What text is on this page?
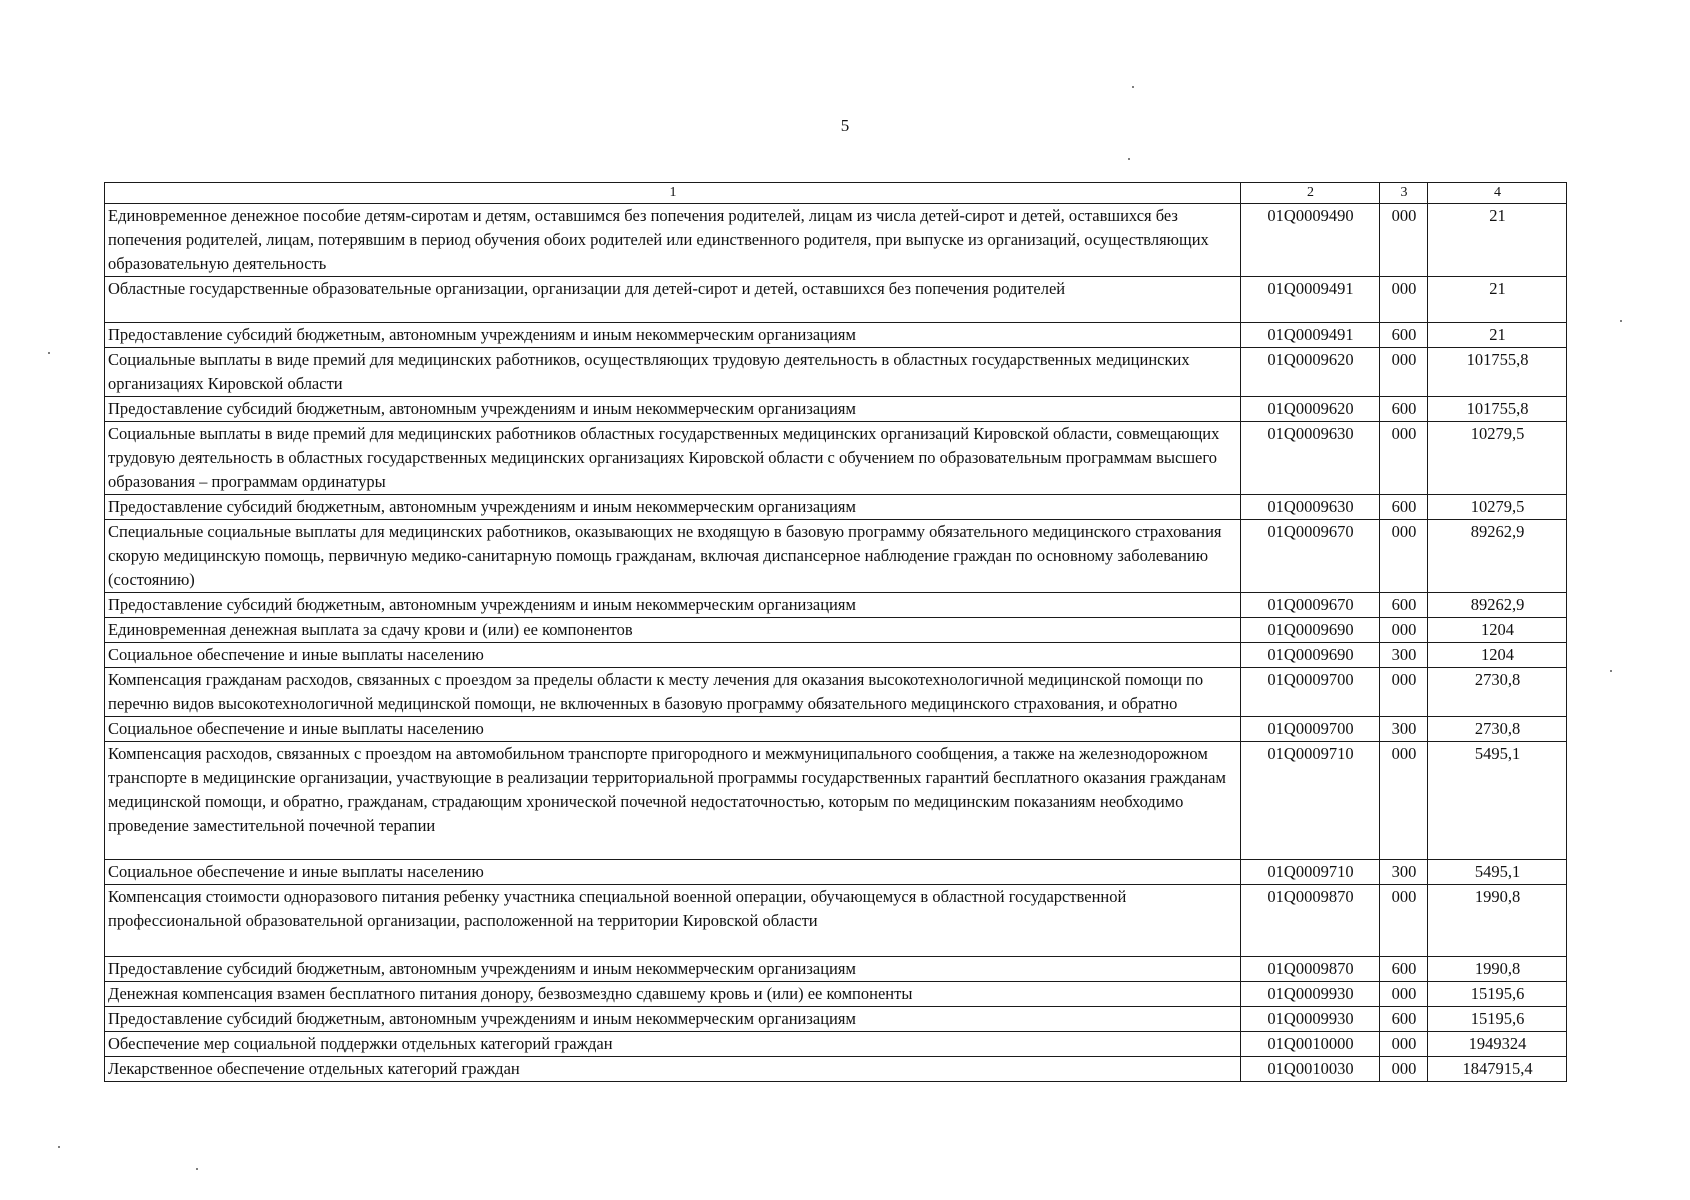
5
1	2	3	4
Единовременное денежное пособие детям-сиротам и детям, оставшимся без попечения родителей, лицам из числа детей-сирот и детей, оставшихся без попечения родителей, лицам, потерявшим в период обучения обоих родителей или единственного родителя, при выпуске из организаций, осуществляющих образовательную деятельность	01Q0009490	000	21
Областные государственные образовательные организации, организации для детей-сирот и детей, оставшихся без попечения родителей	01Q0009491	000	21
Предоставление субсидий бюджетным, автономным учреждениям и иным некоммерческим организациям	01Q0009491	600	21
Социальные выплаты в виде премий для медицинских работников, осуществляющих трудовую деятельность в областных государственных медицинских организациях Кировской области	01Q0009620	000	101755,8
Предоставление субсидий бюджетным, автономным учреждениям и иным некоммерческим организациям	01Q0009620	600	101755,8
Социальные выплаты в виде премий для медицинских работников областных государственных медицинских организаций Кировской области, совмещающих трудовую деятельность в областных государственных медицинских организациях Кировской области с обучением по образовательным программам высшего образования – программам ординатуры	01Q0009630	000	10279,5
Предоставление субсидий бюджетным, автономным учреждениям и иным некоммерческим организациям	01Q0009630	600	10279,5
Специальные социальные выплаты для медицинских работников, оказывающих не входящую в базовую программу обязательного медицинского страхования скорую медицинскую помощь, первичную медико-санитарную помощь гражданам, включая диспансерное наблюдение граждан по основному заболеванию (состоянию)	01Q0009670	000	89262,9
Предоставление субсидий бюджетным, автономным учреждениям и иным некоммерческим организациям	01Q0009670	600	89262,9
Единовременная денежная выплата за сдачу крови и (или) ее компонентов	01Q0009690	000	1204
Социальное обеспечение и иные выплаты населению	01Q0009690	300	1204
Компенсация гражданам расходов, связанных с проездом за пределы области к месту лечения для оказания высокотехнологичной медицинской помощи по перечню видов высокотехнологичной медицинской помощи, не включенных в базовую программу обязательного медицинского страхования, и обратно	01Q0009700	000	2730,8
Социальное обеспечение и иные выплаты населению	01Q0009700	300	2730,8
Компенсация расходов, связанных с проездом на автомобильном транспорте пригородного и межмуниципального сообщения, а также на железнодорожном транспорте в медицинские организации, участвующие в реализации территориальной программы государственных гарантий бесплатного оказания гражданам медицинской помощи, и обратно, гражданам, страдающим хронической почечной недостаточностью, которым по медицинским показаниям необходимо проведение заместительной почечной терапии	01Q0009710	000	5495,1
Социальное обеспечение и иные выплаты населению	01Q0009710	300	5495,1
Компенсация стоимости одноразового питания ребенку участника специальной военной операции, обучающемуся в областной государственной профессиональной образовательной организации, расположенной на территории Кировской области	01Q0009870	000	1990,8
Предоставление субсидий бюджетным, автономным учреждениям и иным некоммерческим организациям	01Q0009870	600	1990,8
Денежная компенсация взамен бесплатного питания донору, безвозмездно сдавшему кровь и (или) ее компоненты	01Q0009930	000	15195,6
Предоставление субсидий бюджетным, автономным учреждениям и иным некоммерческим организациям	01Q0009930	600	15195,6
Обеспечение мер социальной поддержки отдельных категорий граждан	01Q0010000	000	1949324
Лекарственное обеспечение отдельных категорий граждан	01Q0010030	000	1847915,4
